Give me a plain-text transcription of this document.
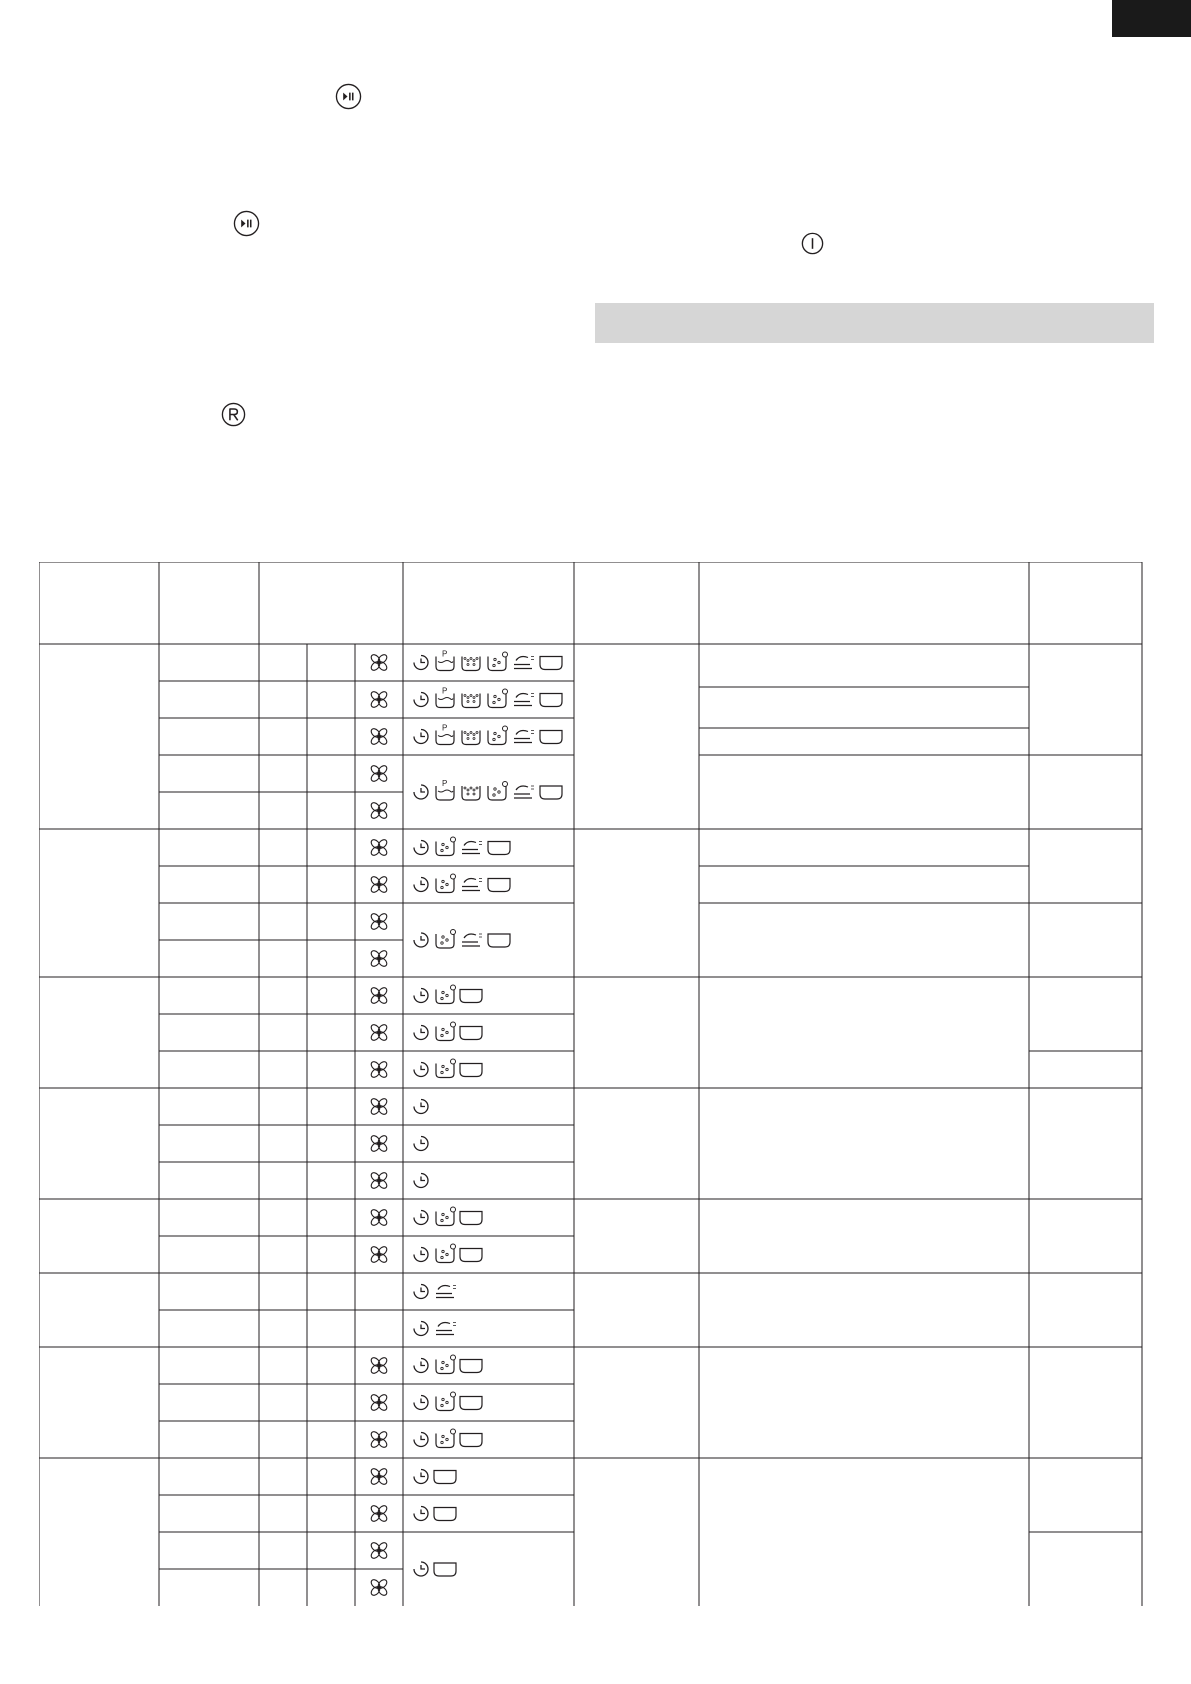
P
P
P
P
